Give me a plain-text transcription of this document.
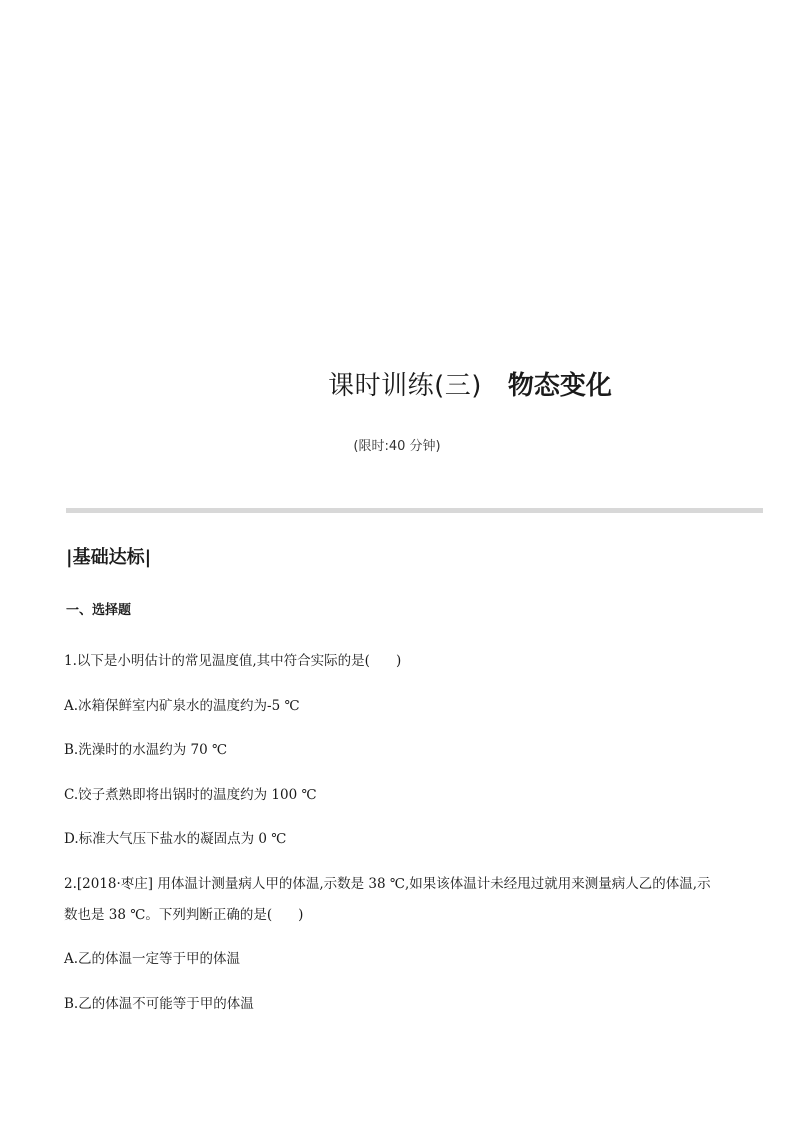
课时训练(三) 物态变化
(限时:40 分钟)
|基础达标|
一、选择题
1.以下是小明估计的常见温度值,其中符合实际的是( )
A.冰箱保鲜室内矿泉水的温度约为-5 ℃
B.洗澡时的水温约为 70 ℃
C.饺子煮熟即将出锅时的温度约为 100 ℃
D.标准大气压下盐水的凝固点为 0 ℃
2.[2018·枣庄] 用体温计测量病人甲的体温,示数是 38 ℃,如果该体温计未经甩过就用来测量病人乙的体温,示
数也是 38 ℃。下列判断正确的是( )
A.乙的体温一定等于甲的体温
B.乙的体温不可能等于甲的体温
